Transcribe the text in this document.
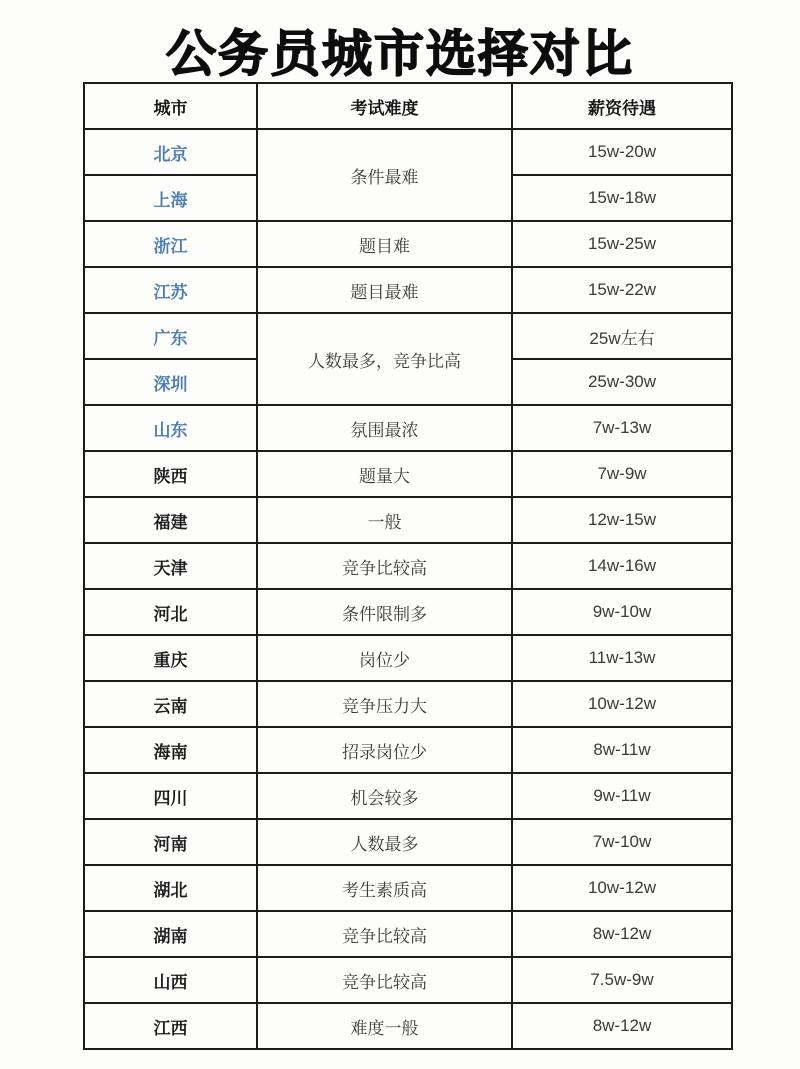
公务员城市选择对比
城市	考试难度	薪资待遇
北京	条件最难	15w-20w
上海		15w-18w
浙江	题目难	15w-25w
江苏	题目最难	15w-22w
广东	人数最多，竞争比高	25w左右
深圳		25w-30w
山东	氛围最浓	7w-13w
陕西	题量大	7w-9w
福建	一般	12w-15w
天津	竞争比较高	14w-16w
河北	条件限制多	9w-10w
重庆	岗位少	11w-13w
云南	竞争压力大	10w-12w
海南	招录岗位少	8w-11w
四川	机会较多	9w-11w
河南	人数最多	7w-10w
湖北	考生素质高	10w-12w
湖南	竞争比较高	8w-12w
山西	竞争比较高	7.5w-9w
江西	难度一般	8w-12w
